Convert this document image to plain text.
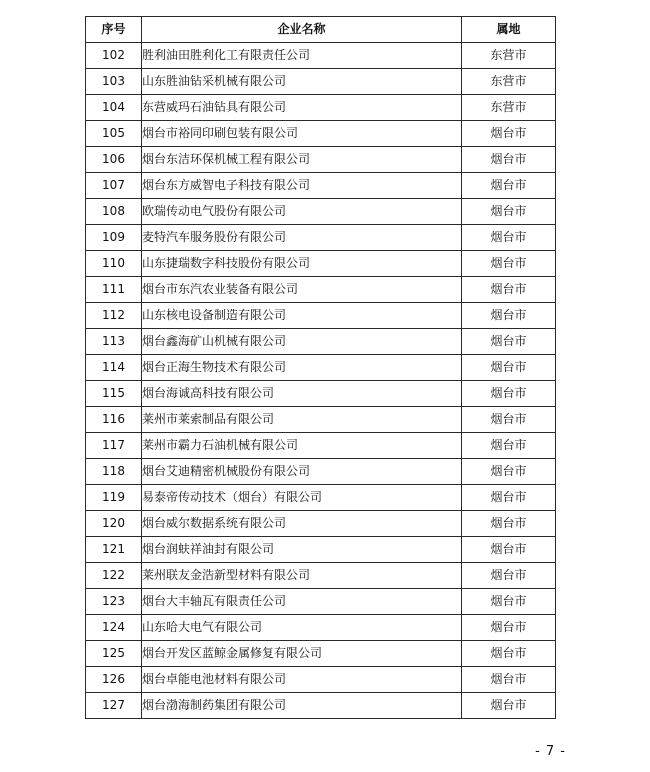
序号	企业名称	属地
102	胜利油田胜利化工有限责任公司	东营市
103	山东胜油钻采机械有限公司	东营市
104	东营威玛石油钻具有限公司	东营市
105	烟台市裕同印刷包装有限公司	烟台市
106	烟台东洁环保机械工程有限公司	烟台市
107	烟台东方威智电子科技有限公司	烟台市
108	欧瑞传动电气股份有限公司	烟台市
109	麦特汽车服务股份有限公司	烟台市
110	山东捷瑞数字科技股份有限公司	烟台市
111	烟台市东汽农业装备有限公司	烟台市
112	山东核电设备制造有限公司	烟台市
113	烟台鑫海矿山机械有限公司	烟台市
114	烟台正海生物技术有限公司	烟台市
115	烟台海诚高科技有限公司	烟台市
116	莱州市莱索制品有限公司	烟台市
117	莱州市霸力石油机械有限公司	烟台市
118	烟台艾迪精密机械股份有限公司	烟台市
119	易泰帝传动技术（烟台）有限公司	烟台市
120	烟台威尔数据系统有限公司	烟台市
121	烟台润蚨祥油封有限公司	烟台市
122	莱州联友金浩新型材料有限公司	烟台市
123	烟台大丰轴瓦有限责任公司	烟台市
124	山东哈大电气有限公司	烟台市
125	烟台开发区蓝鲸金属修复有限公司	烟台市
126	烟台卓能电池材料有限公司	烟台市
127	烟台渤海制药集团有限公司	烟台市
- 7 -
